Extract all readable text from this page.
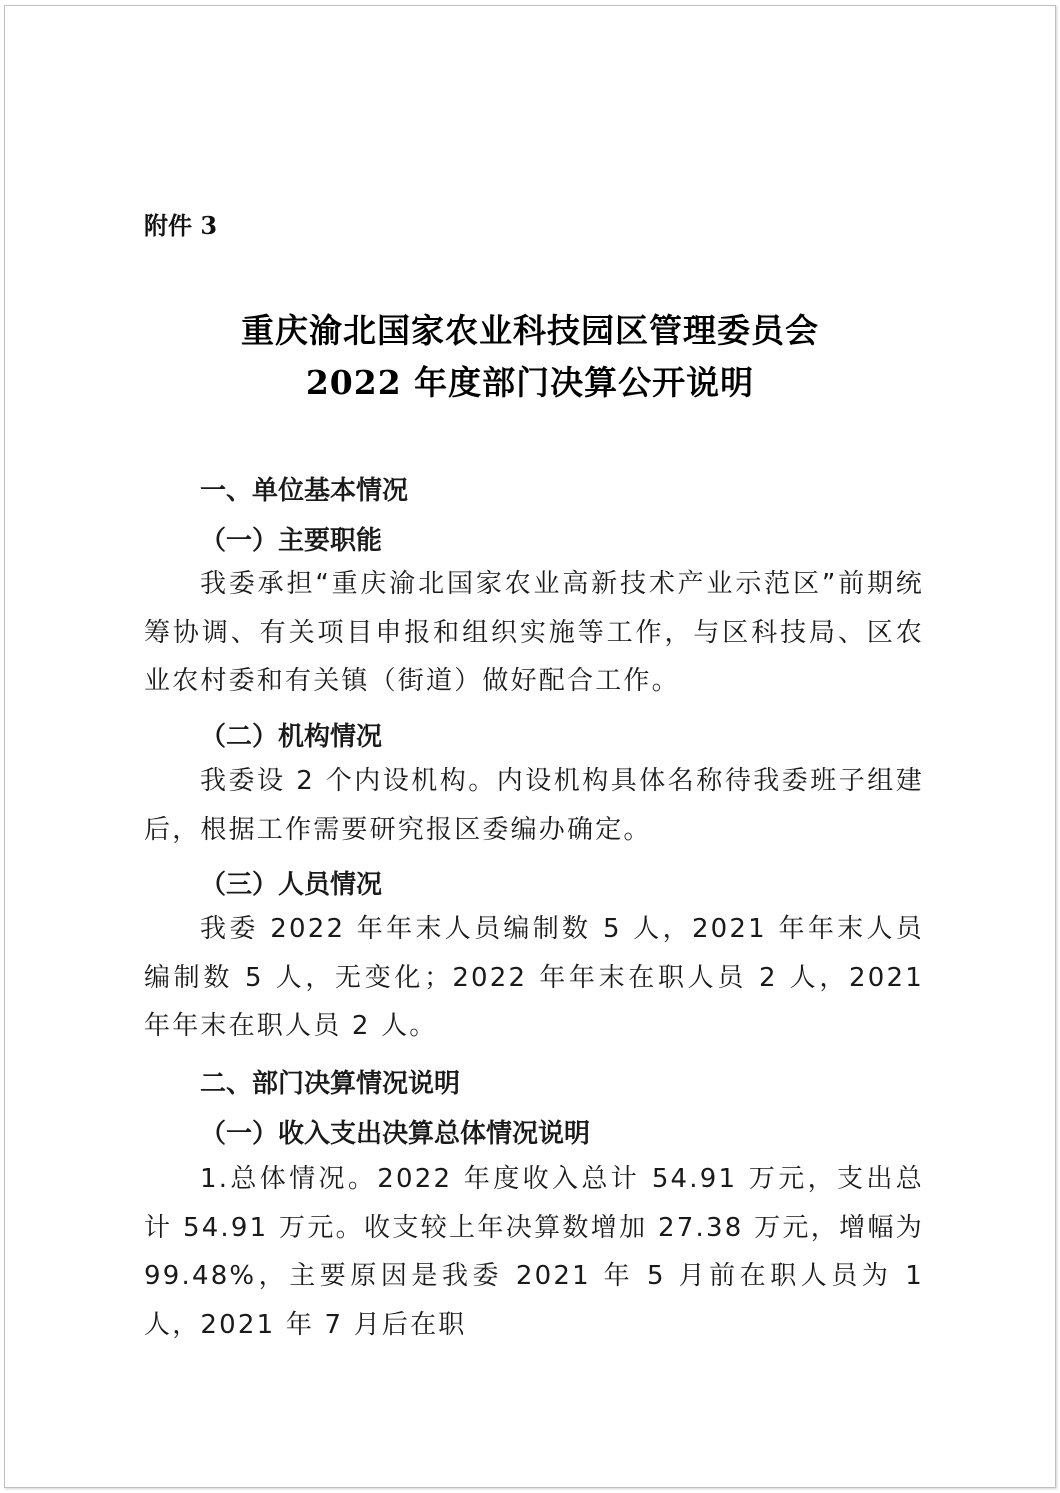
附件 3
重庆渝北国家农业科技园区管理委员会
2022 年度部门决算公开说明
一、单位基本情况
（一）主要职能
我委承担“重庆渝北国家农业高新技术产业示范区”前期统筹协调、有关项目申报和组织实施等工作，与区科技局、区农业农村委和有关镇（街道）做好配合工作。
（二）机构情况
我委设 2 个内设机构。内设机构具体名称待我委班子组建后，根据工作需要研究报区委编办确定。
（三）人员情况
我委 2022 年年末人员编制数 5 人，2021 年年末人员编制数 5 人，无变化；2022 年年末在职人员 2 人，2021 年年末在职人员 2 人。
二、部门决算情况说明
（一）收入支出决算总体情况说明
1.总体情况。2022 年度收入总计 54.91 万元，支出总计 54.91 万元。收支较上年决算数增加 27.38 万元，增幅为 99.48%，主要原因是我委 2021 年 5 月前在职人员为 1 人，2021 年 7 月后在职
